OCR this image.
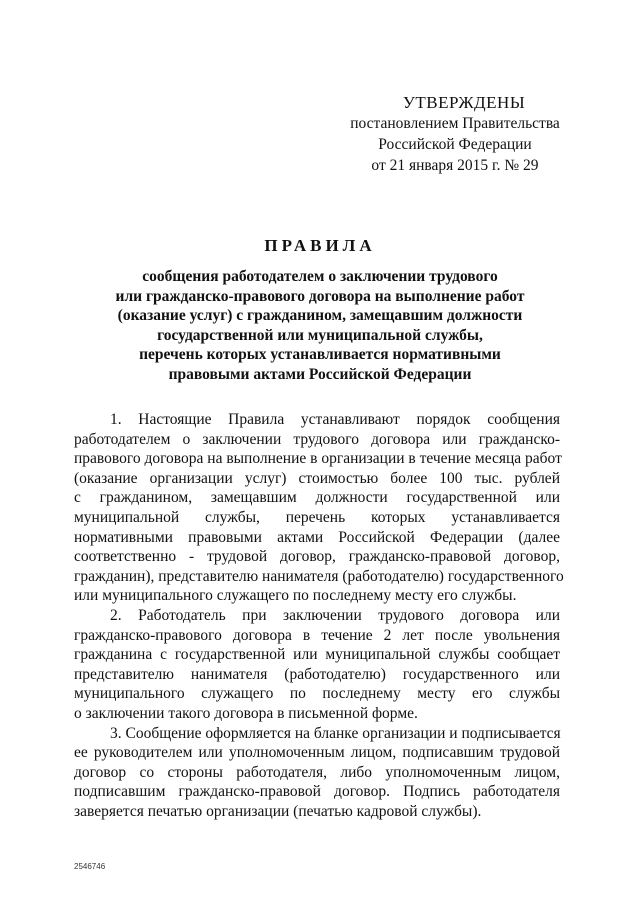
УТВЕРЖДЕНЫ
постановлением Правительства
Российской Федерации
от 21 января 2015 г. № 29
ПРАВИЛА
сообщения работодателем о заключении трудового
или гражданско-правового договора на выполнение работ
(оказание услуг) с гражданином, замещавшим должности
государственной или муниципальной службы,
перечень которых устанавливается нормативными
правовыми актами Российской Федерации

1. Настоящие Правила устанавливают порядок сообщения
работодателем о заключении трудового договора или гражданско-
правового договора на выполнение в организации в течение месяца работ
(оказание организации услуг) стоимостью более 100 тыс. рублей
с гражданином, замещавшим должности государственной или
муниципальной службы, перечень которых устанавливается
нормативными правовыми актами Российской Федерации (далее
соответственно - трудовой договор, гражданско-правовой договор,
гражданин), представителю нанимателя (работодателю) государственного
или муниципального служащего по последнему месту его службы.

2. Работодатель при заключении трудового договора или
гражданско-правового договора в течение 2 лет после увольнения
гражданина с государственной или муниципальной службы сообщает
представителю нанимателя (работодателю) государственного или
муниципального служащего по последнему месту его службы
о заключении такого договора в письменной форме.

3. Сообщение оформляется на бланке организации и подписывается
ее руководителем или уполномоченным лицом, подписавшим трудовой
договор со стороны работодателя, либо уполномоченным лицом,
подписавшим гражданско-правовой договор. Подпись работодателя
заверяется печатью организации (печатью кадровой службы).

2546746
